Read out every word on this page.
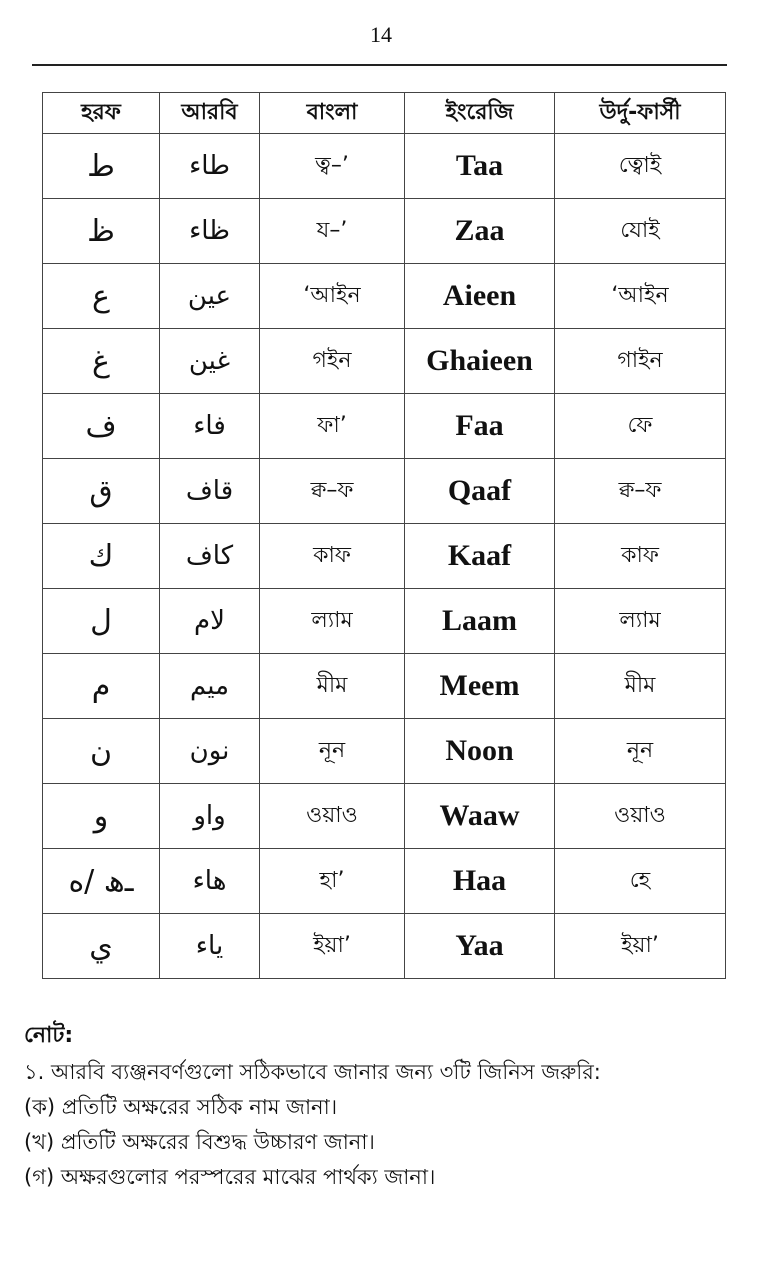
14
হরফ	আরবি	বাংলা	ইংরেজি	উর্দু-ফার্সী
ط	طاء	ত্ব–’	Taa	ত্বোই
ظ	ظاء	য–’	Zaa	যোই
ع	عين	‘আইন	Aieen	‘আইন
غ	غين	গইন	Ghaieen	গাইন
ف	فاء	ফা’	Faa	ফে
ق	قاف	ক্ব–ফ	Qaaf	ক্ব–ফ
ك	كاف	কাফ	Kaaf	কাফ
ل	لام	ল্যাম	Laam	ল্যাম
م	ميم	মীম	Meem	মীম
ن	نون	নূন	Noon	নূন
و	واو	ওয়াও	Waaw	ওয়াও
ـﮪ /ه	هاء	হা’	Haa	হে
ي	ياء	ইয়া’	Yaa	ইয়া’
নোট:
১. আরবি ব্যঞ্জনবর্ণগুলো সঠিকভাবে জানার জন্য ৩টি জিনিস জরুরি:
(ক) প্রতিটি অক্ষরের সঠিক নাম জানা।
(খ) প্রতিটি অক্ষরের বিশুদ্ধ উচ্চারণ জানা।
(গ) অক্ষরগুলোর পরস্পরের মাঝের পার্থক্য জানা।
